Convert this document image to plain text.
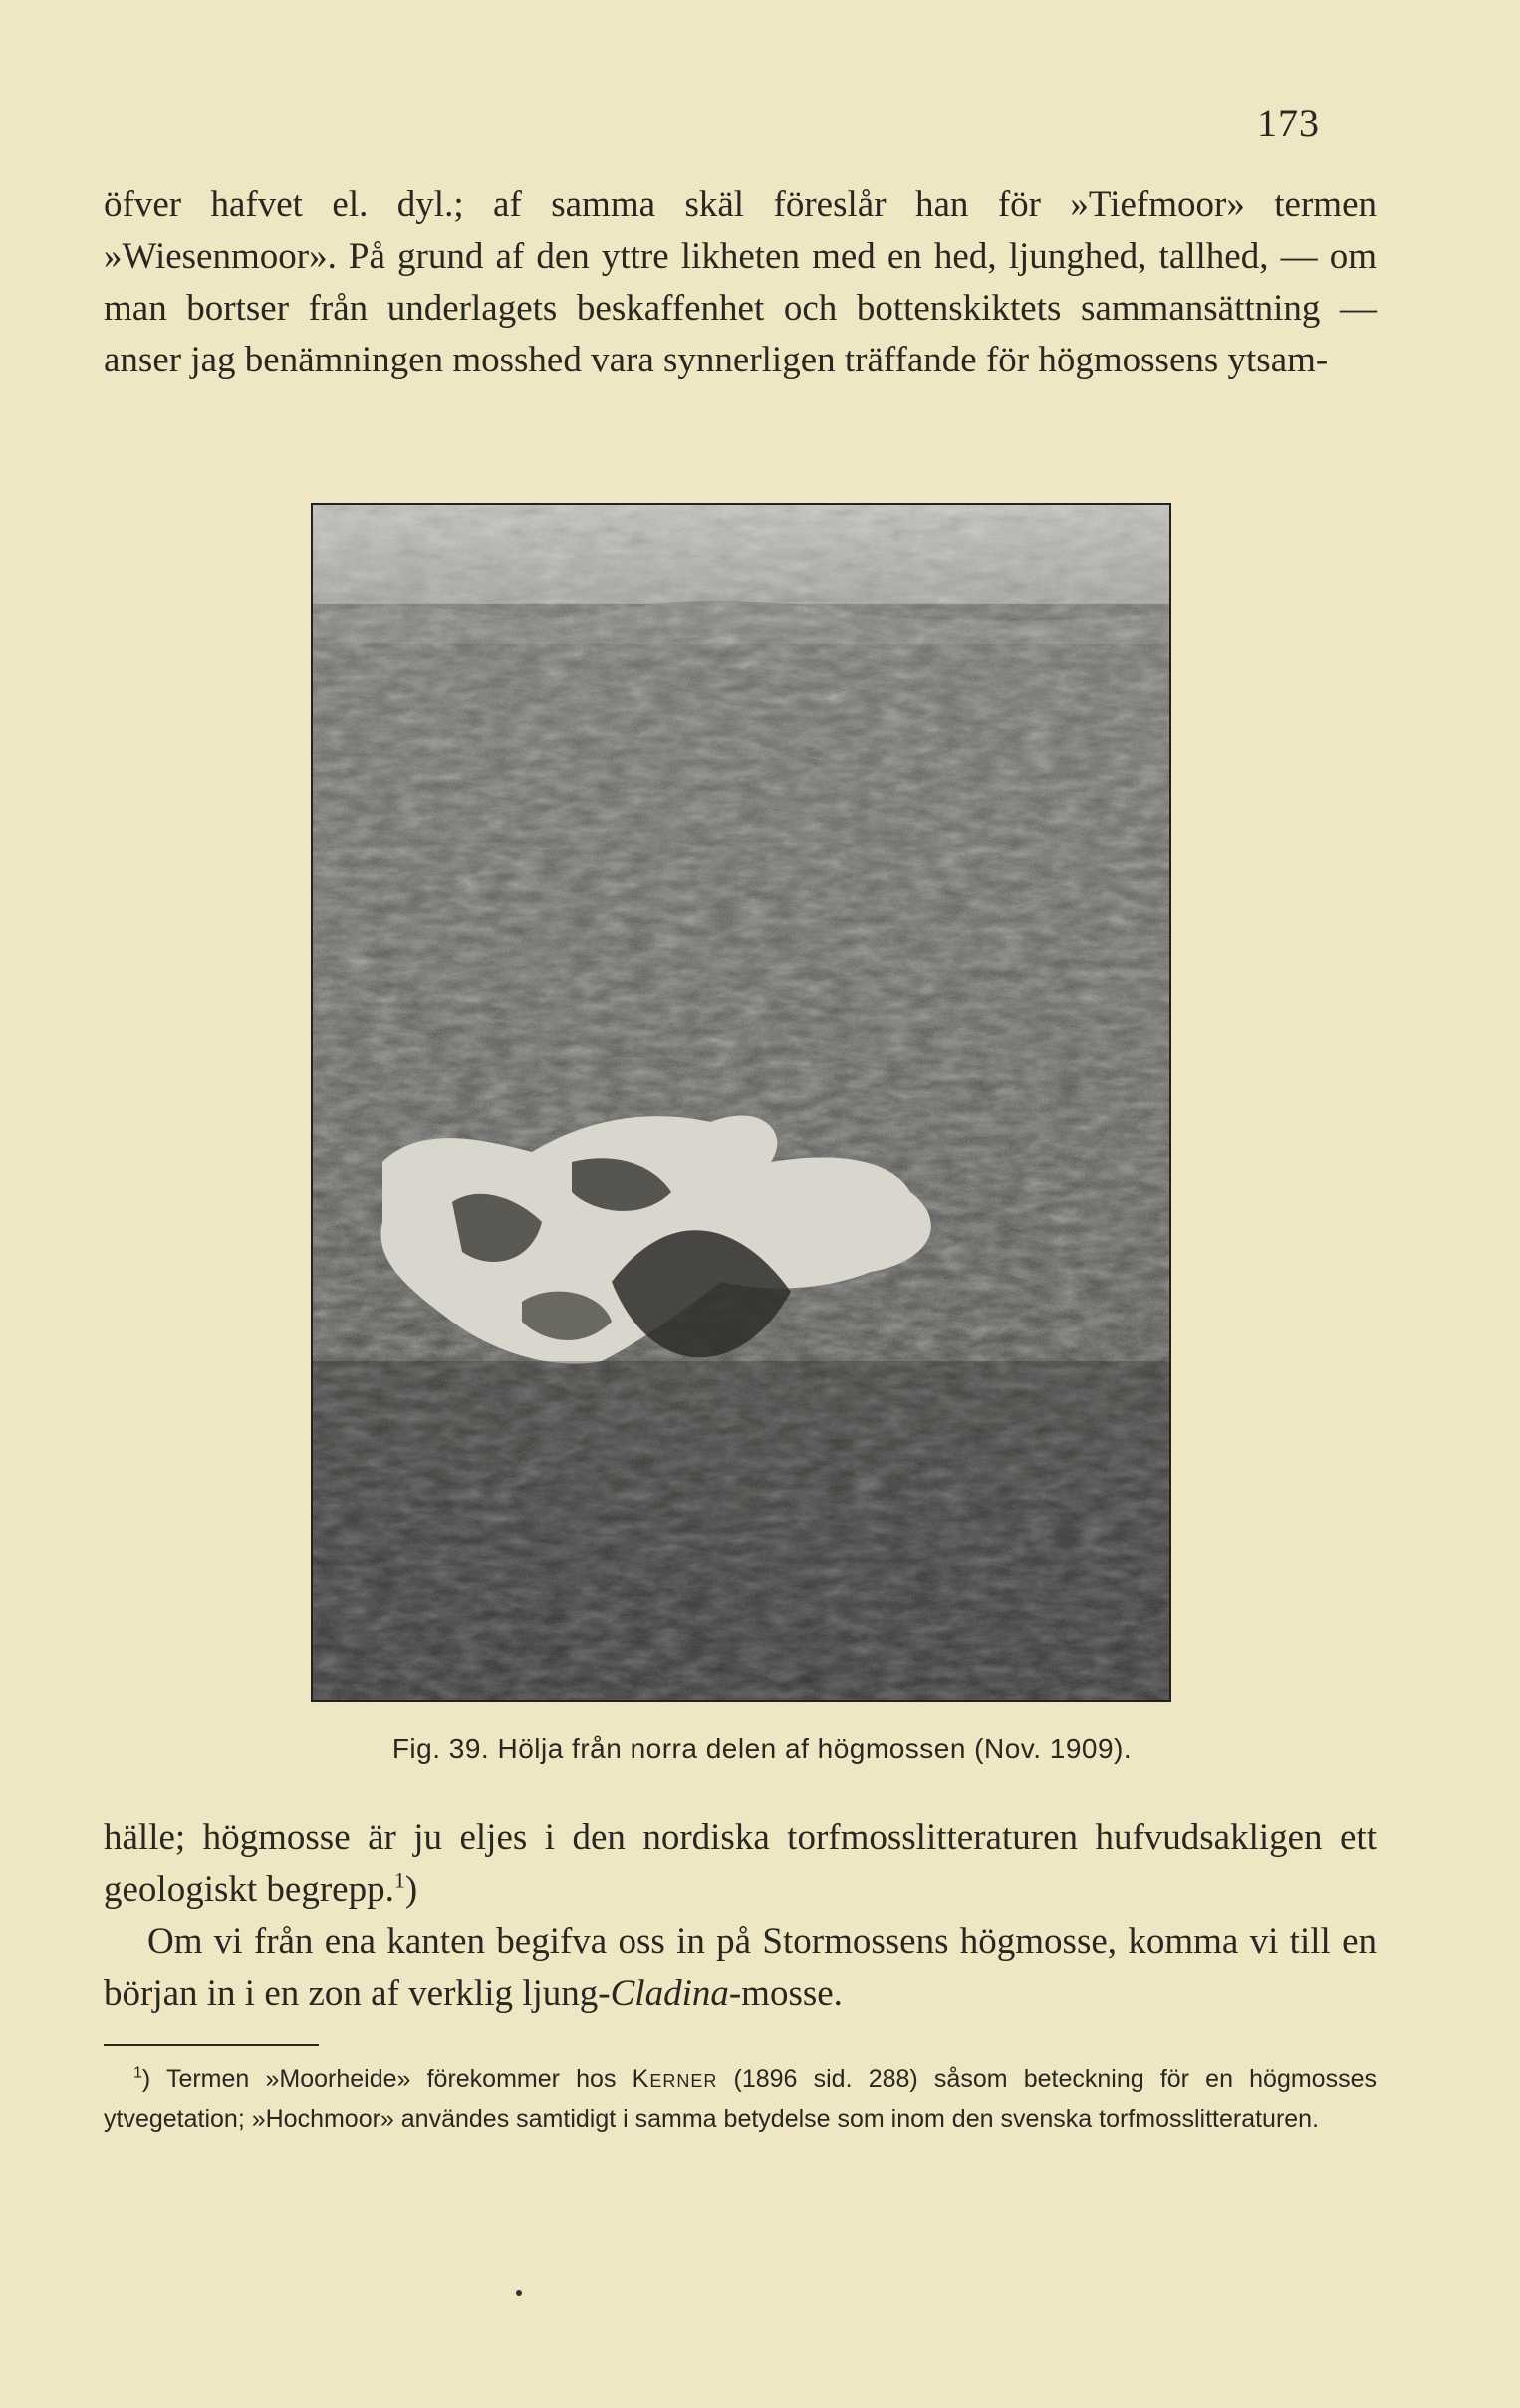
173

öfver hafvet el. dyl.; af samma skäl föreslår han för »Tiefmoor» termen »Wiesenmoor». På grund af den yttre likheten med en hed, ljunghed, tallhed, — om man bortser från underlagets beskaffenhet och bottenskiktets sammansättning — anser jag benämningen mosshed vara synnerligen träffande för högmossens ytsam-

Fig. 39. Hölja från norra delen af högmossen (Nov. 1909).

hälle; högmosse är ju eljes i den nordiska torfmosslitteraturen hufvudsakligen ett geologiskt begrepp.$^1$)

Om vi från ena kanten begifva oss in på Stormossens högmosse, komma vi till en början in i en zon af verklig ljung-Cladina-mosse.

$^1$) Termen »Moorheide» förekommer hos Kerner (1896 sid. 288) såsom beteckning för en högmosses ytvegetation; »Hochmoor» användes samtidigt i samma betydelse som inom den svenska torfmosslitteraturen.
